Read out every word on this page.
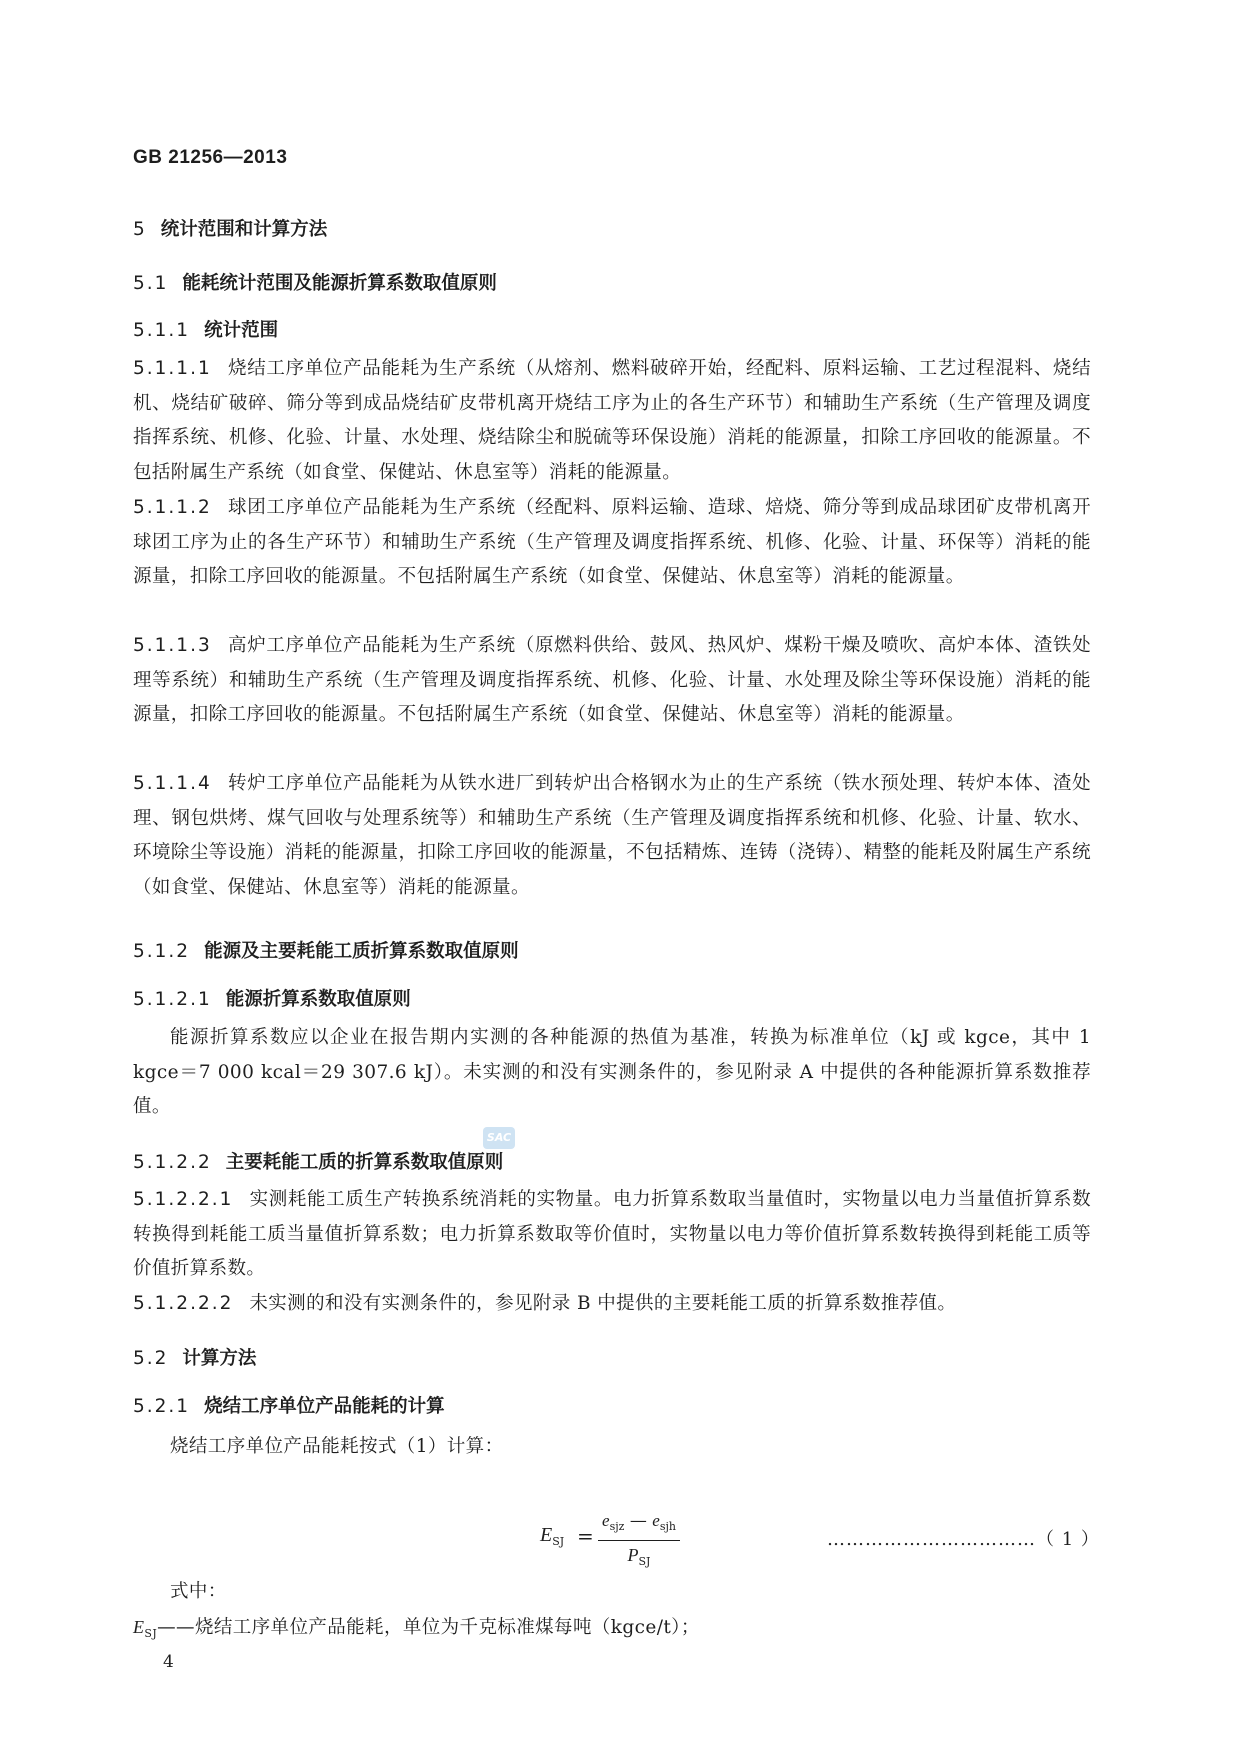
GB 21256—2013
5 统计范围和计算方法
5.1 能耗统计范围及能源折算系数取值原则
5.1.1 统计范围

5.1.1.1 烧结工序单位产品能耗为生产系统（从熔剂、燃料破碎开始，经配料、原料运输、工艺过程混料、烧结机、烧结矿破碎、筛分等到成品烧结矿皮带机离开烧结工序为止的各生产环节）和辅助生产系统（生产管理及调度指挥系统、机修、化验、计量、水处理、烧结除尘和脱硫等环保设施）消耗的能源量，扣除工序回收的能源量。不包括附属生产系统（如食堂、保健站、休息室等）消耗的能源量。

5.1.1.2 球团工序单位产品能耗为生产系统（经配料、原料运输、造球、焙烧、筛分等到成品球团矿皮带机离开球团工序为止的各生产环节）和辅助生产系统（生产管理及调度指挥系统、机修、化验、计量、环保等）消耗的能源量，扣除工序回收的能源量。不包括附属生产系统（如食堂、保健站、休息室等）消耗的能源量。

5.1.1.3 高炉工序单位产品能耗为生产系统（原燃料供给、鼓风、热风炉、煤粉干燥及喷吹、高炉本体、渣铁处理等系统）和辅助生产系统（生产管理及调度指挥系统、机修、化验、计量、水处理及除尘等环保设施）消耗的能源量，扣除工序回收的能源量。不包括附属生产系统（如食堂、保健站、休息室等）消耗的能源量。

5.1.1.4 转炉工序单位产品能耗为从铁水进厂到转炉出合格钢水为止的生产系统（铁水预处理、转炉本体、渣处理、钢包烘烤、煤气回收与处理系统等）和辅助生产系统（生产管理及调度指挥系统和机修、化验、计量、软水、环境除尘等设施）消耗的能源量，扣除工序回收的能源量，不包括精炼、连铸（浇铸）、精整的能耗及附属生产系统（如食堂、保健站、休息室等）消耗的能源量。

5.1.2 能源及主要耗能工质折算系数取值原则
5.1.2.1 能源折算系数取值原则

能源折算系数应以企业在报告期内实测的各种能源的热值为基准，转换为标准单位（kJ 或 kgce，其中 1 kgce＝7 000 kcal＝29 307.6 kJ）。未实测的和没有实测条件的，参见附录 A 中提供的各种能源折算系数推荐值。

SAC
5.1.2.2 主要耗能工质的折算系数取值原则

5.1.2.2.1 实测耗能工质生产转换系统消耗的实物量。电力折算系数取当量值时，实物量以电力当量值折算系数转换得到耗能工质当量值折算系数；电力折算系数取等价值时，实物量以电力等价值折算系数转换得到耗能工质等价值折算系数。

5.1.2.2.2 未实测的和没有实测条件的，参见附录 B 中提供的主要耗能工质的折算系数推荐值。

5.2 计算方法
5.2.1 烧结工序单位产品能耗的计算

烧结工序单位产品能耗按式（1）计算：

$E_{SJ}$ =
$e_{sjz}$ — $e_{sjh}$
$P_{SJ}$
……………………………（ 1 ）

式中：

$E_{SJ}——$烧结工序单位产品能耗，单位为千克标准煤每吨（kgce/t）；

4
